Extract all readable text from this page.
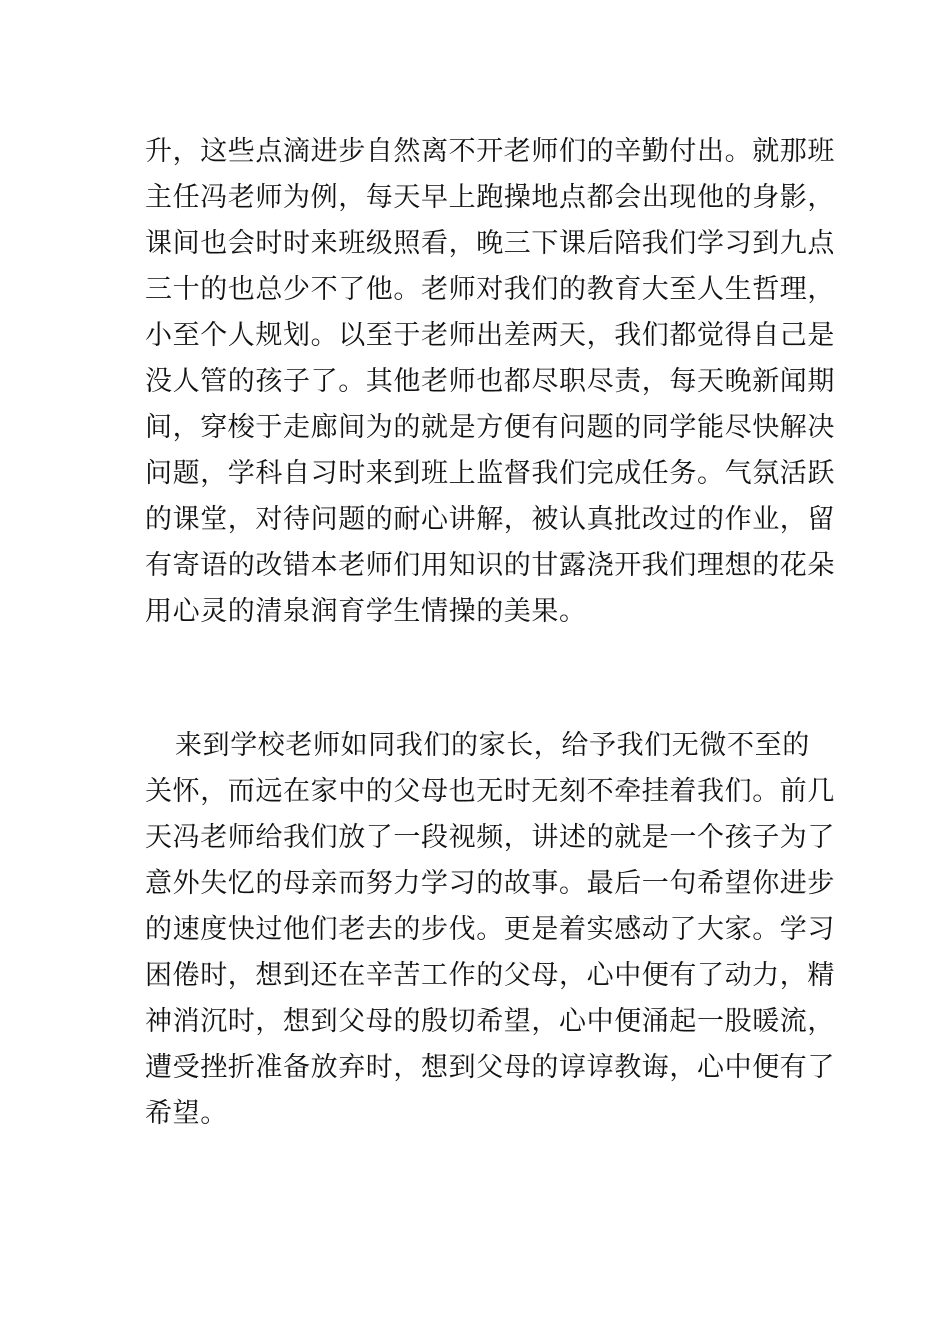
升，这些点滴进步自然离不开老师们的辛勤付出。就那班
主任冯老师为例，每天早上跑操地点都会出现他的身影，
课间也会时时来班级照看，晚三下课后陪我们学习到九点
三十的也总少不了他。老师对我们的教育大至人生哲理，
小至个人规划。以至于老师出差两天，我们都觉得自己是
没人管的孩子了。其他老师也都尽职尽责，每天晚新闻期
间，穿梭于走廊间为的就是方便有问题的同学能尽快解决
问题，学科自习时来到班上监督我们完成任务。气氛活跃
的课堂，对待问题的耐心讲解，被认真批改过的作业，留
有寄语的改错本老师们用知识的甘露浇开我们理想的花朵
用心灵的清泉润育学生情操的美果。
来到学校老师如同我们的家长，给予我们无微不至的
关怀，而远在家中的父母也无时无刻不牵挂着我们。前几
天冯老师给我们放了一段视频，讲述的就是一个孩子为了
意外失忆的母亲而努力学习的故事。最后一句希望你进步
的速度快过他们老去的步伐。更是着实感动了大家。学习
困倦时，想到还在辛苦工作的父母，心中便有了动力，精
神消沉时，想到父母的殷切希望，心中便涌起一股暖流，
遭受挫折准备放弃时，想到父母的谆谆教诲，心中便有了
希望。
